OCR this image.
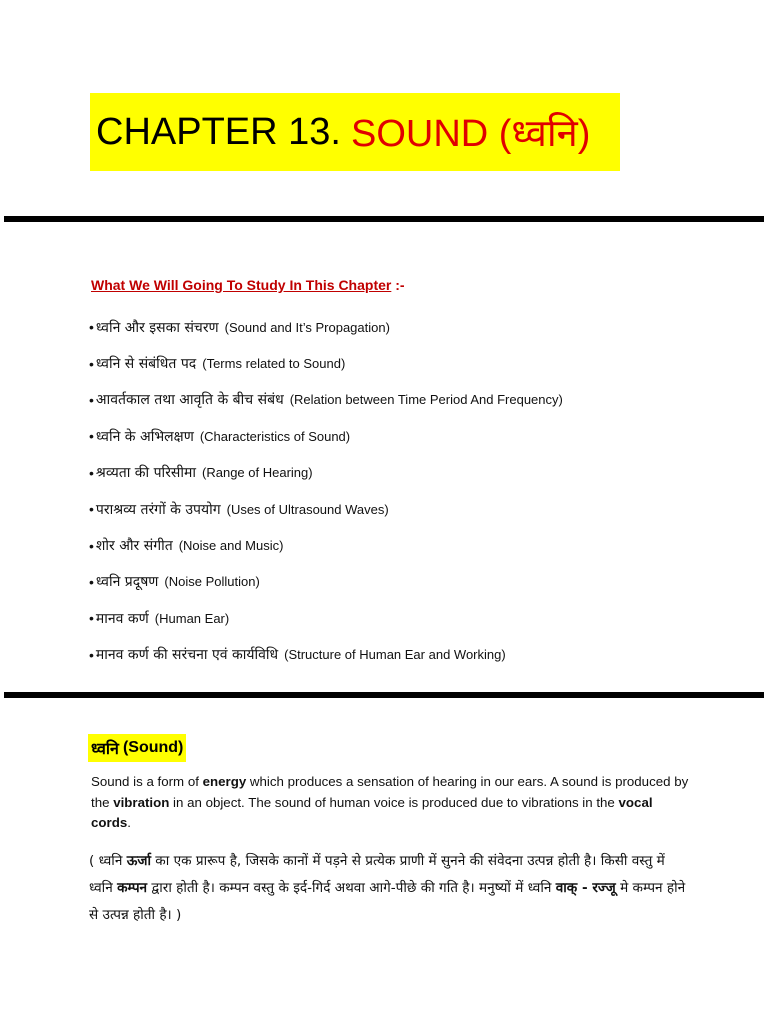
CHAPTER 13. SOUND (ध्वनि)
What We Will Going To Study In This Chapter :-
• ध्वनि और इसका संचरण (Sound and It’s Propagation)
• ध्वनि से संबंधित पद (Terms related to Sound)
• आवर्तकाल तथा आवृति के बीच संबंध (Relation between Time Period And Frequency)
• ध्वनि के अभिलक्षण (Characteristics of Sound)
• श्रव्यता की परिसीमा (Range of Hearing)
• पराश्रव्य तरंगों के उपयोग (Uses of Ultrasound Waves)
• शोर और संगीत (Noise and Music)
• ध्वनि प्रदूषण (Noise Pollution)
• मानव कर्ण (Human Ear)
• मानव कर्ण की सरंचना एवं कार्यविधि (Structure of Human Ear and Working)
ध्वनि (Sound)

Sound is a form of energy which produces a sensation of hearing in our ears. A sound is produced by the vibration in an object. The sound of human voice is produced due to vibrations in the vocal cords.

( ध्वनि ऊर्जा का एक प्रारूप है, जिसके कानों में पड़ने से प्रत्येक प्राणी में सुनने की संवेदना उत्पन्न होती है। किसी वस्तु में ध्वनि कम्पन द्वारा होती है। कम्पन वस्तु के इर्द-गिर्द अथवा आगे-पीछे की गति है। मनुष्यों में ध्वनि वाक् - रज्जू मे कम्पन होने से उत्पन्न होती है। )
